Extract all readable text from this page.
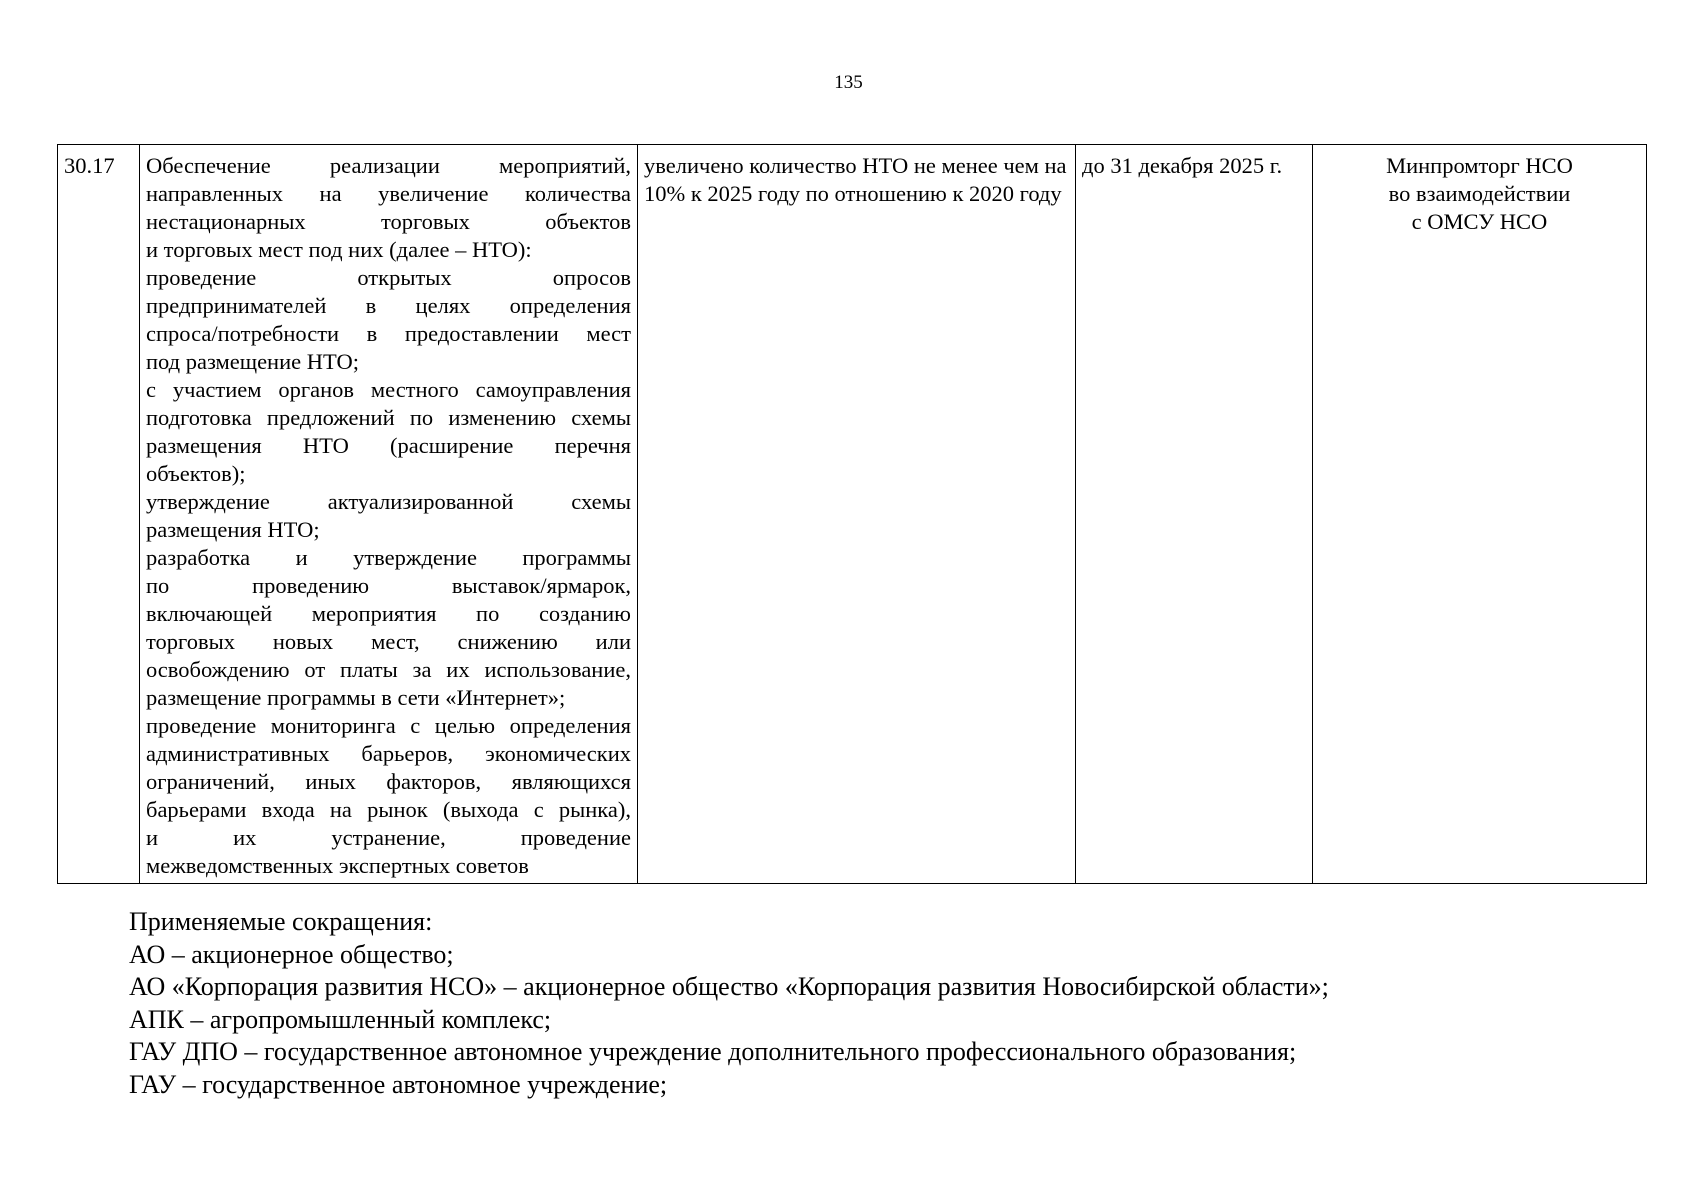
135
30.17	Обеспечение реализации мероприятий,
направленных на увеличение количества
нестационарных торговых объектов
и торговых мест под них (далее – НТО):
проведение открытых опросов
предпринимателей в целях определения
спроса/потребности в предоставлении мест
под размещение НТО;
с участием органов местного самоуправления
подготовка предложений по изменению схемы
размещения НТО (расширение перечня
объектов);
утверждение актуализированной схемы
размещения НТО;
разработка и утверждение программы
по проведению выставок/ярмарок,
включающей мероприятия по созданию
торговых новых мест, снижению или
освобождению от платы за их использование,
размещение программы в сети «Интернет»;
проведение мониторинга с целью определения
административных барьеров, экономических
ограничений, иных факторов, являющихся
барьерами входа на рынок (выхода с рынка),
и их устранение, проведение
межведомственных экспертных советов
	увеличено количество НТО не менее чем на 10% к 2025 году по отношению к 2020 году	до 31 декабря 2025 г.	Минпромторг НСО
во взаимодействии
с ОМСУ НСО
Применяемые сокращения:
АО – акционерное общество;
АО «Корпорация развития НСО» – акционерное общество «Корпорация развития Новосибирской области»;
АПК – агропромышленный комплекс;
ГАУ ДПО – государственное автономное учреждение дополнительного профессионального образования;
ГАУ – государственное автономное учреждение;
